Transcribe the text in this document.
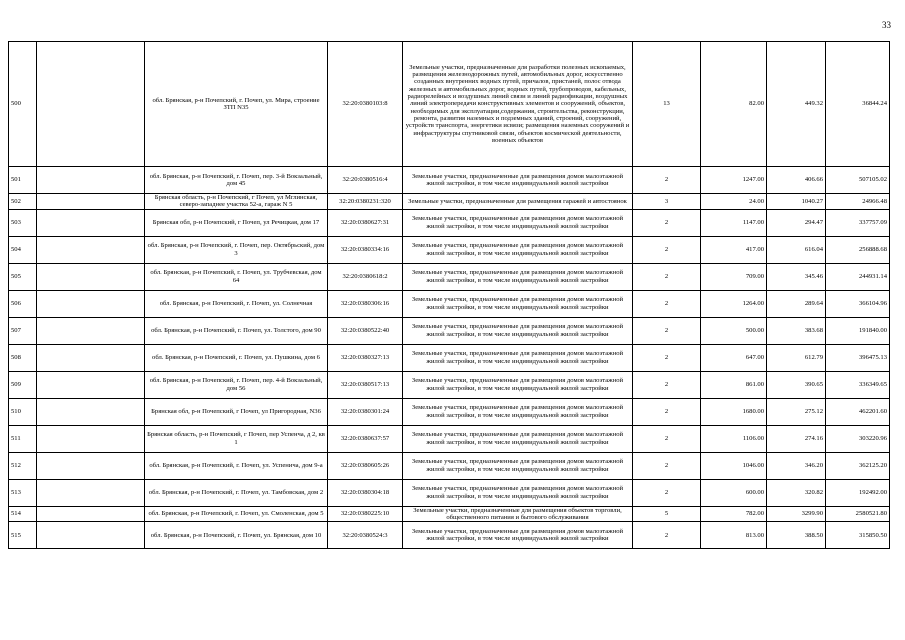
33
500		обл. Брянская, р-н Почепский, г. Почеп, ул. Мира, строение ЗТП N35	32:20:0380103:8	Земельные участки, предназначенные для разработки полезных ископаемых, размещения железнодорожных путей, автомобильных дорог, искусственно созданных внутренних водных путей, причалов, пристаней, полос отвода железных и автомобильных дорог, водных путей, трубопроводов, кабельных, радиорелейных и воздушных линий связи и линий радиофикации, воздушных линий электропередачи конструктивных элементов и сооружений, объектов, необходимых для эксплуатации,содержания, строительства, реконструкции, ремонта, развития наземных и подземных зданий, строений, сооружений, устройств транспорта, энергетики исвязи; размещения наземных сооружений и инфраструктуры спутниковой связи, объектов космической деятельности, военных объектов	13	82.00	449.32	36844.24
501		обл. Брянская, р-н Почепский, г. Почеп, пер. 3-й Вокзальный, дом 45	32:20:0380516:4	Земельные участки, предназначенные для размещения домов малоэтажной жилой застройки, в том числе индивидуальной жилой застройки	2	1247.00	406.66	507105.02
502		Брянская область, р-н Почепский, г Почеп, ул Мглинская, северо-западнее участка 52-а, гараж N 5	32:20:0380231:320	Земельные участки, предназначенные для размещения гаражей и автостоянок	3	24.00	1040.27	24966.48
503		Брянская обл, р-н Почепский, г Почеп, ул Речицкая, дом 17	32:20:0380627:31	Земельные участки, предназначенные для размещения домов малоэтажной жилой застройки, в том числе индивидуальной жилой застройки	2	1147.00	294.47	337757.09
504		обл. Брянская, р-н Почепский, г. Почеп, пер. Октябрьский, дом 3	32:20:0380334:16	Земельные участки, предназначенные для размещения домов малоэтажной жилой застройки, в том числе индивидуальной жилой застройки	2	417.00	616.04	256888.68
505		обл. Брянская, р-н Почепский, г. Почеп, ул. Трубчевская, дом 64	32:20:0380618:2	Земельные участки, предназначенные для размещения домов малоэтажной жилой застройки, в том числе индивидуальной жилой застройки	2	709.00	345.46	244931.14
506		обл. Брянская, р-н Почепский, г. Почеп, ул. Солнечная	32:20:0380306:16	Земельные участки, предназначенные для размещения домов малоэтажной жилой застройки, в том числе индивидуальной жилой застройки	2	1264.00	289.64	366104.96
507		обл. Брянская, р-н Почепский, г. Почеп, ул. Толстого, дом 90	32:20:0380522:40	Земельные участки, предназначенные для размещения домов малоэтажной жилой застройки, в том числе индивидуальной жилой застройки	2	500.00	383.68	191840.00
508		обл. Брянская, р-н Почепский, г. Почеп, ул. Пушкина, дом 6	32:20:0380327:13	Земельные участки, предназначенные для размещения домов малоэтажной жилой застройки, в том числе индивидуальной жилой застройки	2	647.00	612.79	396475.13
509		обл. Брянская, р-н Почепский, г. Почеп, пер. 4-й Вокзальный, дом 56	32:20:0380517:13	Земельные участки, предназначенные для размещения домов малоэтажной жилой застройки, в том числе индивидуальной жилой застройки	2	861.00	390.65	336349.65
510		Брянская обл, р-н Почепский, г Почеп, ул Пригородная, N36	32:20:0380301:24	Земельные участки, предназначенные для размещения домов малоэтажной жилой застройки, в том числе индивидуальной жилой застройки	2	1680.00	275.12	462201.60
511		Брянская область, р-н Почепский, г Почеп, пер Успенча, д 2, кв 1	32:20:0380637:57	Земельные участки, предназначенные для размещения домов малоэтажной жилой застройки, в том числе индивидуальной жилой застройки	2	1106.00	274.16	303220.96
512		обл. Брянская, р-н Почепский, г. Почеп, ул. Успенича, дом 9-а	32:20:0380605:26	Земельные участки, предназначенные для размещения домов малоэтажной жилой застройки, в том числе индивидуальной жилой застройки	2	1046.00	346.20	362125.20
513		обл. Брянская, р-н Почепский, г. Почеп, ул. Тамбовская, дом 2	32:20:0380304:18	Земельные участки, предназначенные для размещения домов малоэтажной жилой застройки, в том числе индивидуальной жилой застройки	2	600.00	320.82	192492.00
514		обл. Брянская, р-н Почепский, г. Почеп, ул. Смоленская, дом 5	32:20:0380225:10	Земельные участки, предназначенные для размещения объектов торговли, общественного питания и бытового обслуживания	5	782.00	3299.90	2580521.80
515		обл. Брянская, р-н Почепский, г. Почеп, ул. Брянская, дом 10	32:20:0380524:3	Земельные участки, предназначенные для размещения домов малоэтажной жилой застройки, в том числе индивидуальной жилой застройки	2	813.00	388.50	315850.50
